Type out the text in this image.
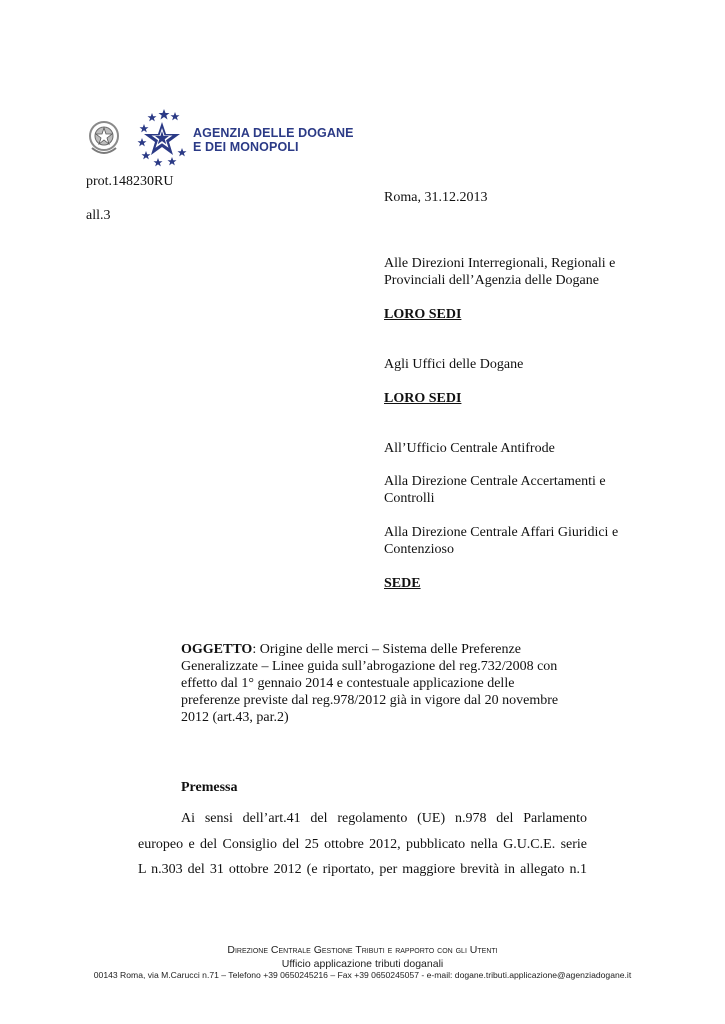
AGENZIA DELLE DOGANE
E DEI MONOPOLI
prot.148230RU
all.3
Roma, 31.12.2013
Alle Direzioni Interregionali, Regionali e
Provinciali dell’Agenzia delle Dogane
LORO SEDI
Agli Uffici delle Dogane
LORO SEDI
All’Ufficio Centrale Antifrode
Alla Direzione Centrale Accertamenti e
Controlli
Alla Direzione Centrale Affari Giuridici e
Contenzioso
SEDE
OGGETTO: Origine delle merci – Sistema delle Preferenze
Generalizzate – Linee guida sull’abrogazione del reg.732/2008 con
effetto dal 1° gennaio 2014 e contestuale applicazione delle
preferenze previste dal reg.978/2012 già in vigore dal 20 novembre
2012 (art.43, par.2)
Premessa
Ai sensi dell’art.41 del regolamento (UE) n.978 del Parlamento
europeo e del Consiglio del 25 ottobre 2012, pubblicato nella G.U.C.E. serie
L n.303 del 31 ottobre 2012 (e riportato, per maggiore brevità in allegato n.1
Direzione Centrale Gestione Tributi e rapporto con gli Utenti
Ufficio applicazione tributi doganali
00143 Roma, via M.Carucci n.71 – Telefono +39 0650245216 – Fax +39 0650245057 - e-mail: dogane.tributi.applicazione@agenziadogane.it
